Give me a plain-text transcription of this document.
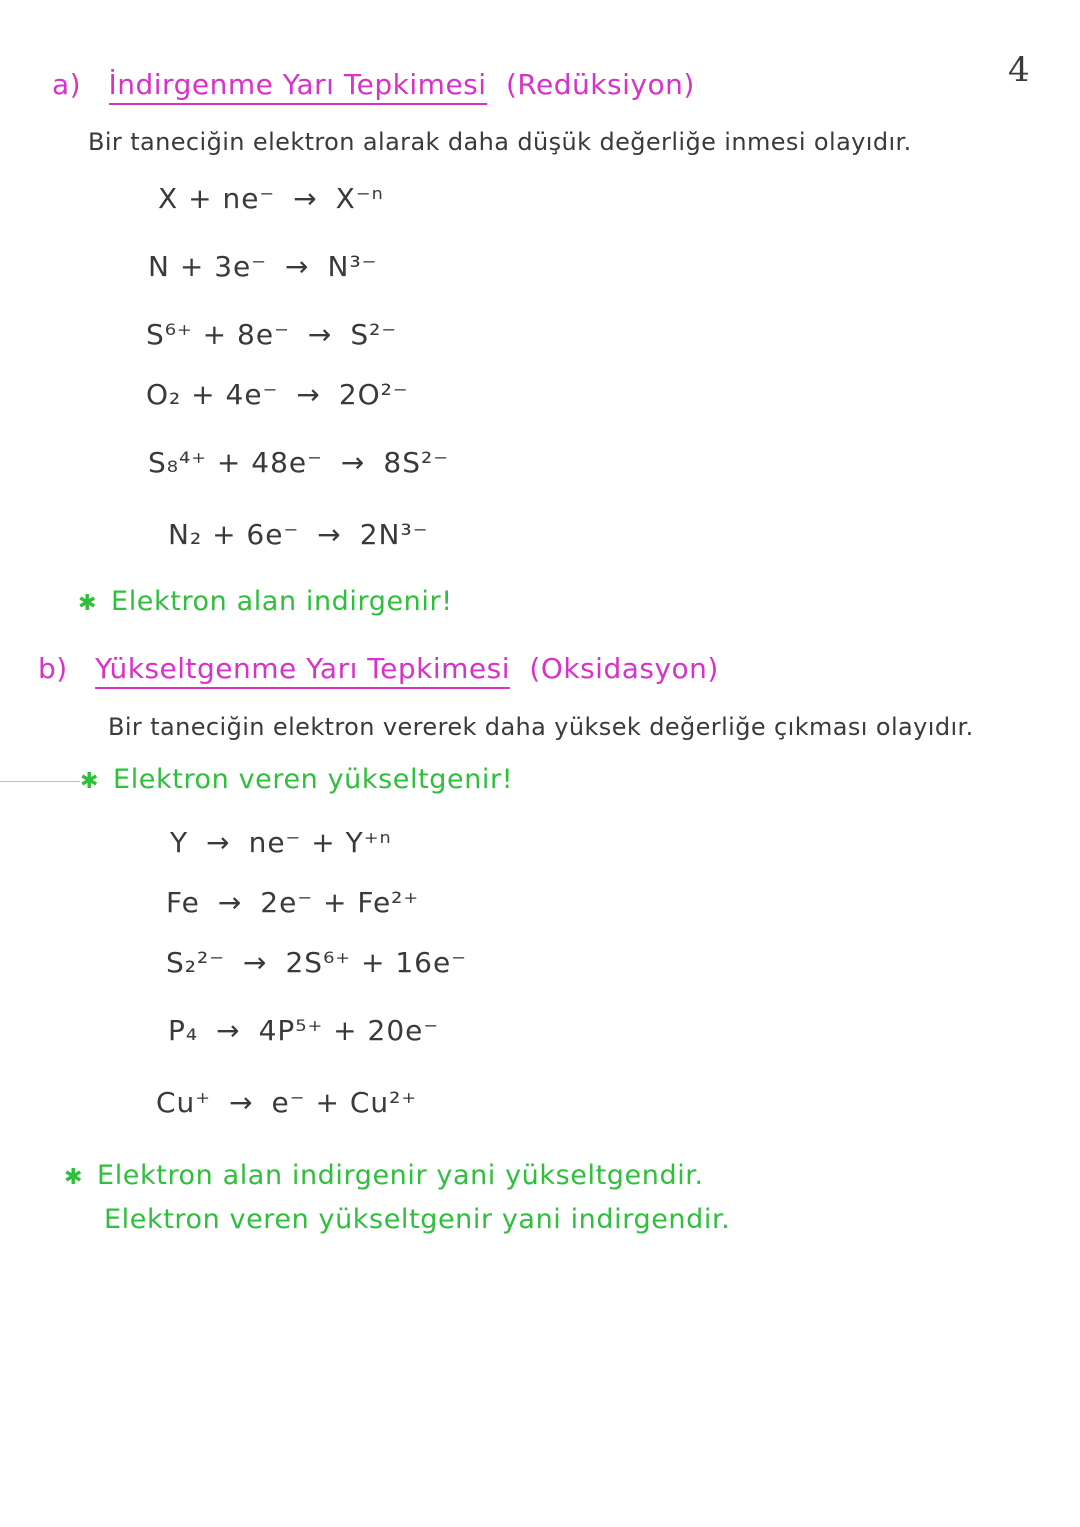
4
a) İndirgenme Yarı Tepkimesi (Redüksiyon)
Bir taneciğin elektron alarak daha düşük değerliğe inmesi olayıdır.
X + ne⁻ → X⁻ⁿ
N + 3e⁻ → N³⁻
S⁶⁺ + 8e⁻ → S²⁻
O₂ + 4e⁻ → 2O²⁻
S₈⁴⁺ + 48e⁻ → 8S²⁻
N₂ + 6e⁻ → 2N³⁻
✱ Elektron alan indirgenir!
b) Yükseltgenme Yarı Tepkimesi (Oksidasyon)
Bir taneciğin elektron vererek daha yüksek değerliğe çıkması olayıdır.
✱ Elektron veren yükseltgenir!
Y → ne⁻ + Y⁺ⁿ
Fe → 2e⁻ + Fe²⁺
S₂²⁻ → 2S⁶⁺ + 16e⁻
P₄ → 4P⁵⁺ + 20e⁻
Cu⁺ → e⁻ + Cu²⁺
✱ Elektron alan indirgenir yani yükseltgendir.
Elektron veren yükseltgenir yani indirgendir.
